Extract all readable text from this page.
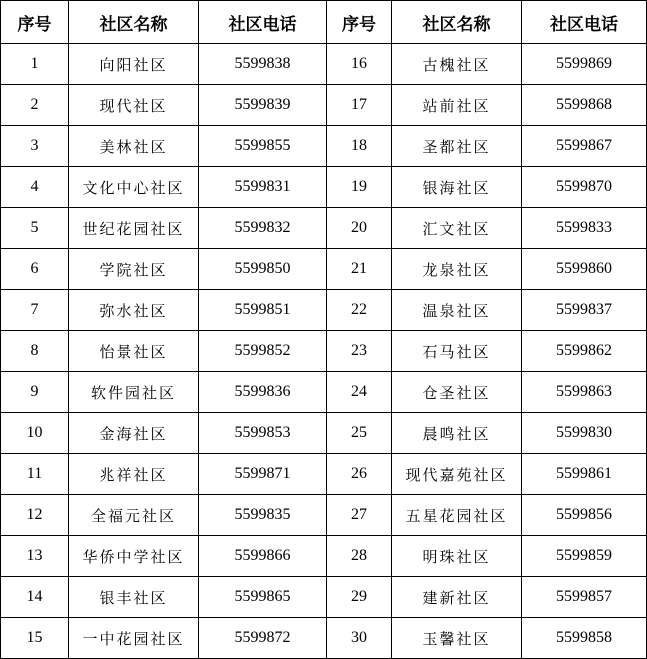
序号	社区名称	社区电话	序号	社区名称	社区电话
1	向阳社区	5599838	16	古槐社区	5599869
2	现代社区	5599839	17	站前社区	5599868
3	美林社区	5599855	18	圣都社区	5599867
4	文化中心社区	5599831	19	银海社区	5599870
5	世纪花园社区	5599832	20	汇文社区	5599833
6	学院社区	5599850	21	龙泉社区	5599860
7	弥水社区	5599851	22	温泉社区	5599837
8	怡景社区	5599852	23	石马社区	5599862
9	软件园社区	5599836	24	仓圣社区	5599863
10	金海社区	5599853	25	晨鸣社区	5599830
11	兆祥社区	5599871	26	现代嘉苑社区	5599861
12	全福元社区	5599835	27	五星花园社区	5599856
13	华侨中学社区	5599866	28	明珠社区	5599859
14	银丰社区	5599865	29	建新社区	5599857
15	一中花园社区	5599872	30	玉馨社区	5599858
